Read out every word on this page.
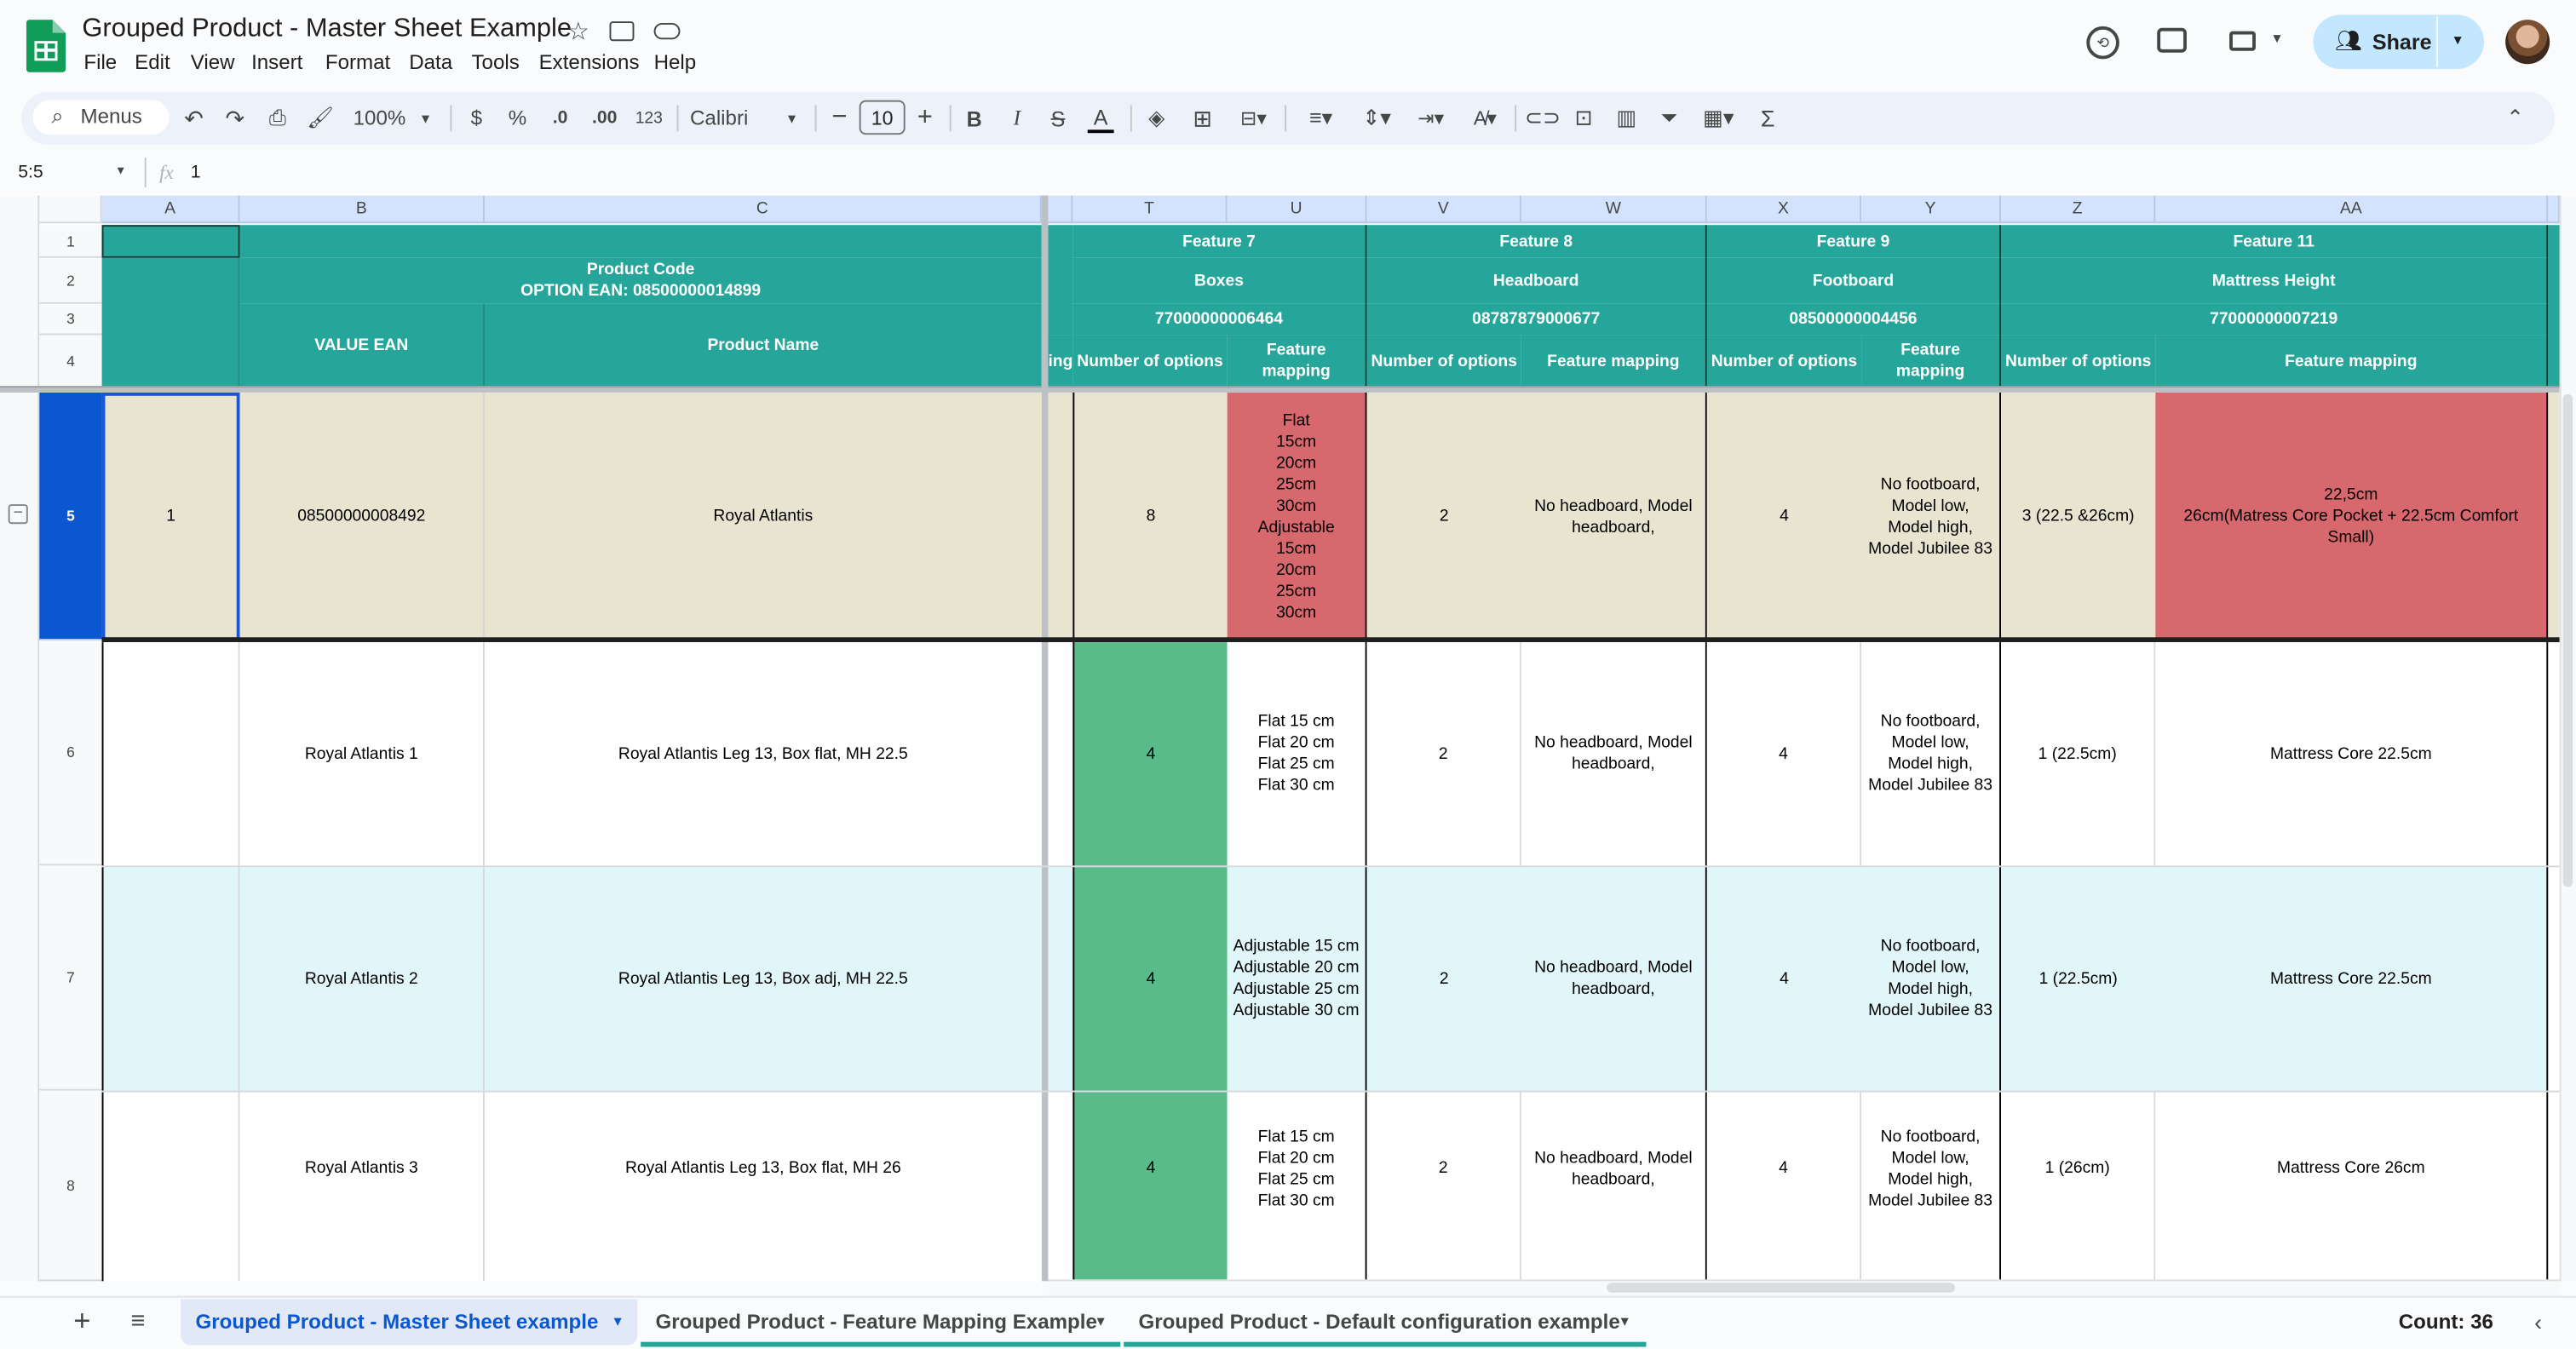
Grouped Product - Master Sheet Example
☆
File Edit View Insert Format Data Tools Extensions Help
⟲	▼	👥︎ Share	▼
⌕	Menus	↶ ↷	⎙	🖌︎	100%	▼	$	%	.0	.00	123	Calibri	▼ −	10	+	B	I	S	A	◈	⊞	⊟▾	≡▾	⇕▾	⇥▾	A̸▾	⊂⊃	⊡	▥	⏷	▦▾	Σ	⌃
5:5	▼	fx 1
−
A	B	C	T	U	V	W	X	Y	Z	AA
1
2
3
4
5
6
7
8
Product Code
OPTION EAN: 08500000014899
VALUE EAN	Product Name
ing
Feature 7
Boxes
77000000006464
Number of options
Feature mapping
Feature 8
Headboard
08787879000677
Number of options	Feature mapping
Feature 9
Footboard
08500000004456
Number of options
Feature mapping
Feature 11
Mattress Height
77000000007219
Number of options	Feature mapping
1	08500000008492	Royal Atlantis	8
Flat
15cm
20cm
25cm
30cm
Adjustable
15cm
20cm
25cm
30cm
2
No headboard, Model headboard,
4
No footboard,
Model low,
Model high,
Model Jubilee 83
3 (22.5 &26cm)
22,5cm
26cm(Matress Core Pocket + 22.5cm Comfort Small)
Royal Atlantis 1	Royal Atlantis Leg 13, Box flat, MH 22.5	4
Flat 15 cm
Flat 20 cm
Flat 25 cm
Flat 30 cm
2
No headboard, Model headboard,
4
No footboard,
Model low,
Model high,
Model Jubilee 83
1 (22.5cm)	Mattress Core 22.5cm
Royal Atlantis 2	Royal Atlantis Leg 13, Box adj, MH 22.5	4
Adjustable 15 cm
Adjustable 20 cm
Adjustable 25 cm
Adjustable 30 cm
2
No headboard, Model headboard,
4
No footboard,
Model low,
Model high,
Model Jubilee 83
1 (22.5cm)	Mattress Core 22.5cm
Royal Atlantis 3	Royal Atlantis Leg 13, Box flat, MH 26	4
Flat 15 cm
Flat 20 cm
Flat 25 cm
Flat 30 cm
2
No headboard, Model headboard,
4
No footboard,
Model low,
Model high,
Model Jubilee 83
1 (26cm)	Mattress Core 26cm
+	≡	Grouped Product - Master Sheet example ▼	Grouped Product - Feature Mapping Example
▼	Grouped Product - Default configuration example
▼	Count: 36	‹
